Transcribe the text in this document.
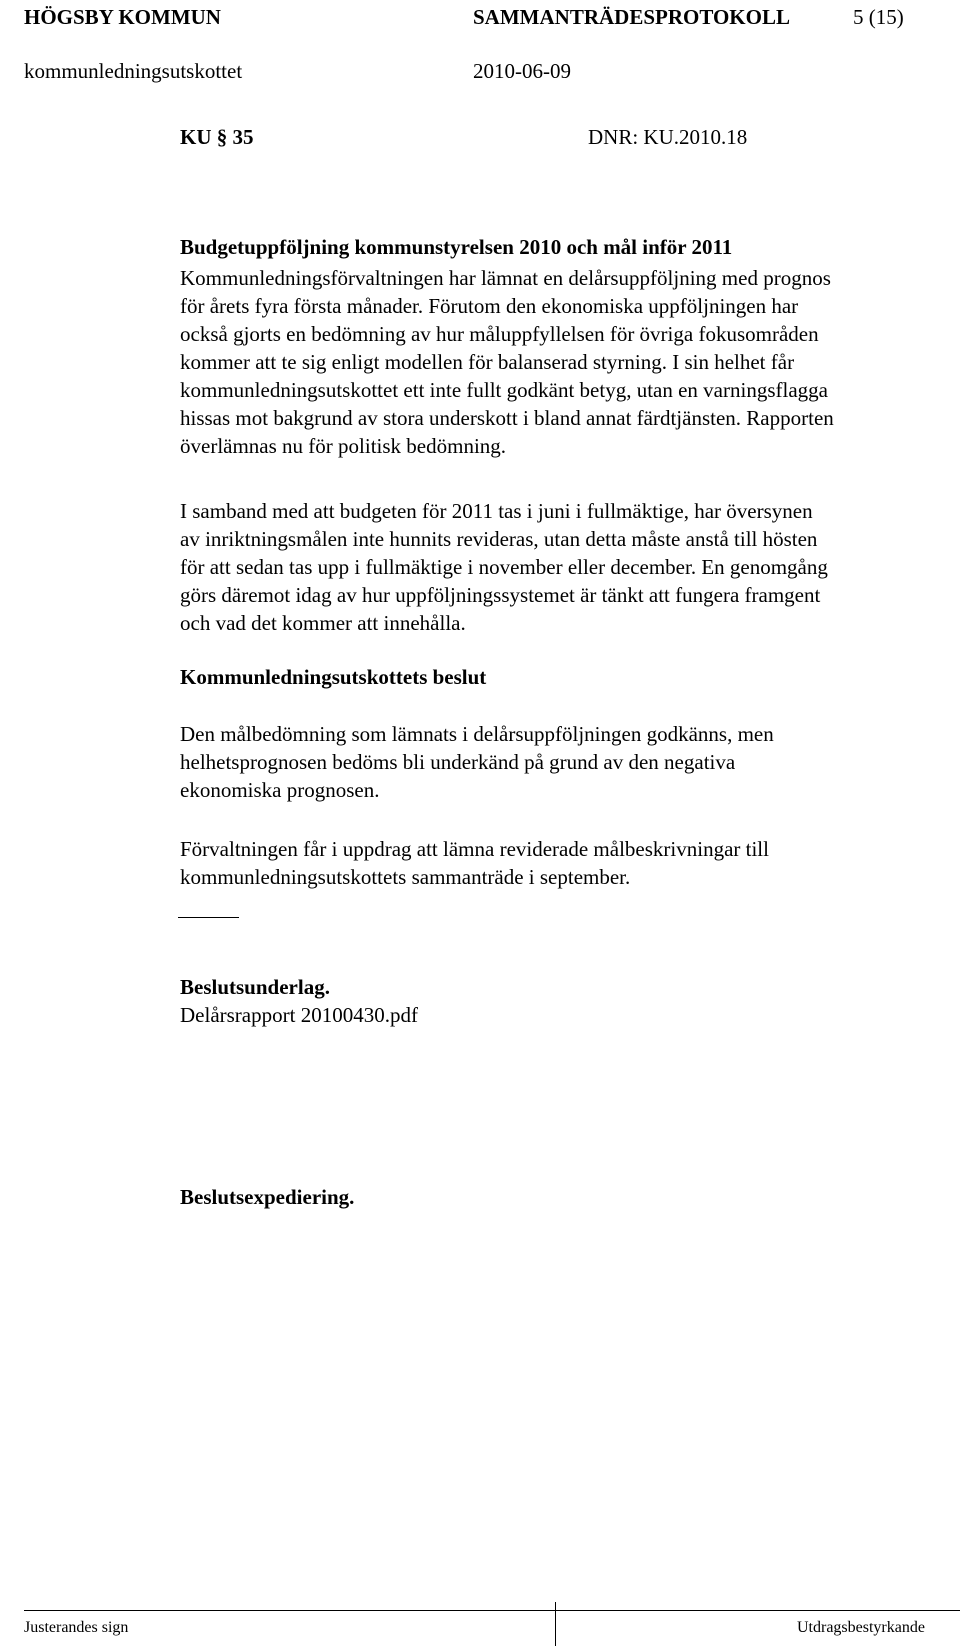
HÖGSBY KOMMUN	SAMMANTRÄDESPROTOKOLL	5 (15)
kommunledningsutskottet	2010-06-09
KU § 35	DNR: KU.2010.18
Budgetuppföljning kommunstyrelsen 2010 och mål inför 2011

Kommunledningsförvaltningen har lämnat en delårsuppföljning med prognos

för årets fyra första månader. Förutom den ekonomiska uppföljningen har

också gjorts en bedömning av hur måluppfyllelsen för övriga fokusområden

kommer att te sig enligt modellen för balanserad styrning. I sin helhet får

kommunledningsutskottet ett inte fullt godkänt betyg, utan en varningsflagga

hissas mot bakgrund av stora underskott i bland annat färdtjänsten. Rapporten

överlämnas nu för politisk bedömning.

I samband med att budgeten för 2011 tas i juni i fullmäktige, har översynen

av inriktningsmålen inte hunnits revideras, utan detta måste anstå till hösten

för att sedan tas upp i fullmäktige i november eller december. En genomgång

görs däremot idag av hur uppföljningssystemet är tänkt att fungera framgent

och vad det kommer att innehålla.

Kommunledningsutskottets beslut

Den målbedömning som lämnats i delårsuppföljningen godkänns, men

helhetsprognosen bedöms bli underkänd på grund av den negativa

ekonomiska prognosen.

Förvaltningen får i uppdrag att lämna reviderade målbeskrivningar till

kommunledningsutskottets sammanträde i september.

Beslutsunderlag.
Delårsrapport 20100430.pdf
Beslutsexpediering.
Justerandes sign	Utdragsbestyrkande
